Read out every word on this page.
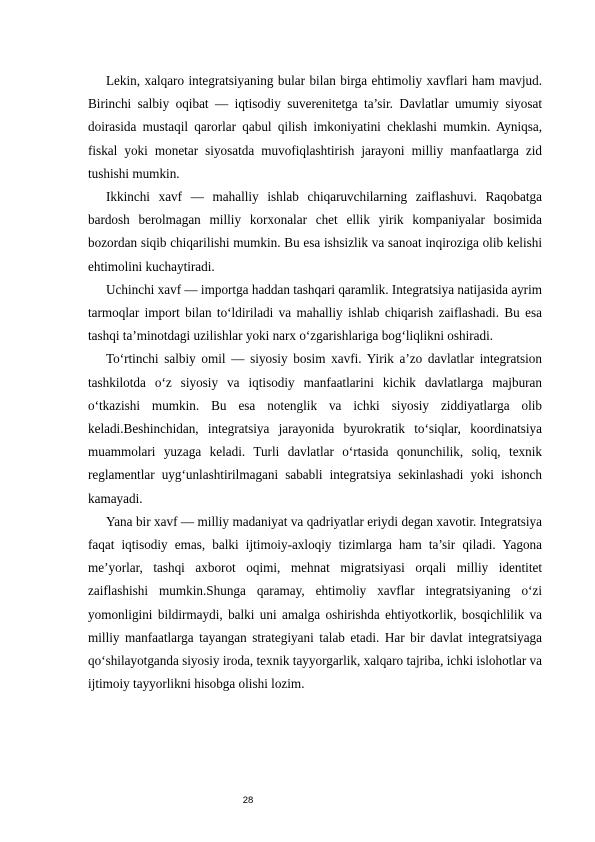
Lekin, xalqaro integratsiyaning bular bilan birga ehtimoliy xavflari ham mavjud. Birinchi salbiy oqibat — iqtisodiy suverenitetga ta’sir. Davlatlar umumiy siyosat doirasida mustaqil qarorlar qabul qilish imkoniyatini cheklashi mumkin. Ayniqsa, fiskal yoki monetar siyosatda muvofiqlashtirish jarayoni milliy manfaatlarga zid tushishi mumkin.

Ikkinchi xavf — mahalliy ishlab chiqaruvchilarning zaiflashuvi. Raqobatga bardosh berolmagan milliy korxonalar chet ellik yirik kompaniyalar bosimida bozordan siqib chiqarilishi mumkin. Bu esa ishsizlik va sanoat inqiroziga olib kelishi ehtimolini kuchaytiradi.

Uchinchi xavf — importga haddan tashqari qaramlik. Integratsiya natijasida ayrim tarmoqlar import bilan to‘ldiriladi va mahalliy ishlab chiqarish zaiflashadi. Bu esa tashqi ta’minotdagi uzilishlar yoki narx o‘zgarishlariga bog‘liqlikni oshiradi.

To‘rtinchi salbiy omil — siyosiy bosim xavfi. Yirik a’zo davlatlar integratsion tashkilotda o‘z siyosiy va iqtisodiy manfaatlarini kichik davlatlarga majburan o‘tkazishi mumkin. Bu esa notenglik va ichki siyosiy ziddiyatlarga olib keladi.Beshinchidan, integratsiya jarayonida byurokratik to‘siqlar, koordinatsiya muammolari yuzaga keladi. Turli davlatlar o‘rtasida qonunchilik, soliq, texnik reglamentlar uyg‘unlashtirilmagani sababli integratsiya sekinlashadi yoki ishonch kamayadi.

Yana bir xavf — milliy madaniyat va qadriyatlar eriydi degan xavotir. Integratsiya faqat iqtisodiy emas, balki ijtimoiy-axloqiy tizimlarga ham ta’sir qiladi. Yagona me’yorlar, tashqi axborot oqimi, mehnat migratsiyasi orqali milliy identitet zaiflashishi mumkin.Shunga qaramay, ehtimoliy xavflar integratsiyaning o‘zi yomonligini bildirmaydi, balki uni amalga oshirishda ehtiyotkorlik, bosqichlilik va milliy manfaatlarga tayangan strategiyani talab etadi. Har bir davlat integratsiyaga qo‘shilayotganda siyosiy iroda, texnik tayyorgarlik, xalqaro tajriba, ichki islohotlar va ijtimoiy tayyorlikni hisobga olishi lozim.

28
